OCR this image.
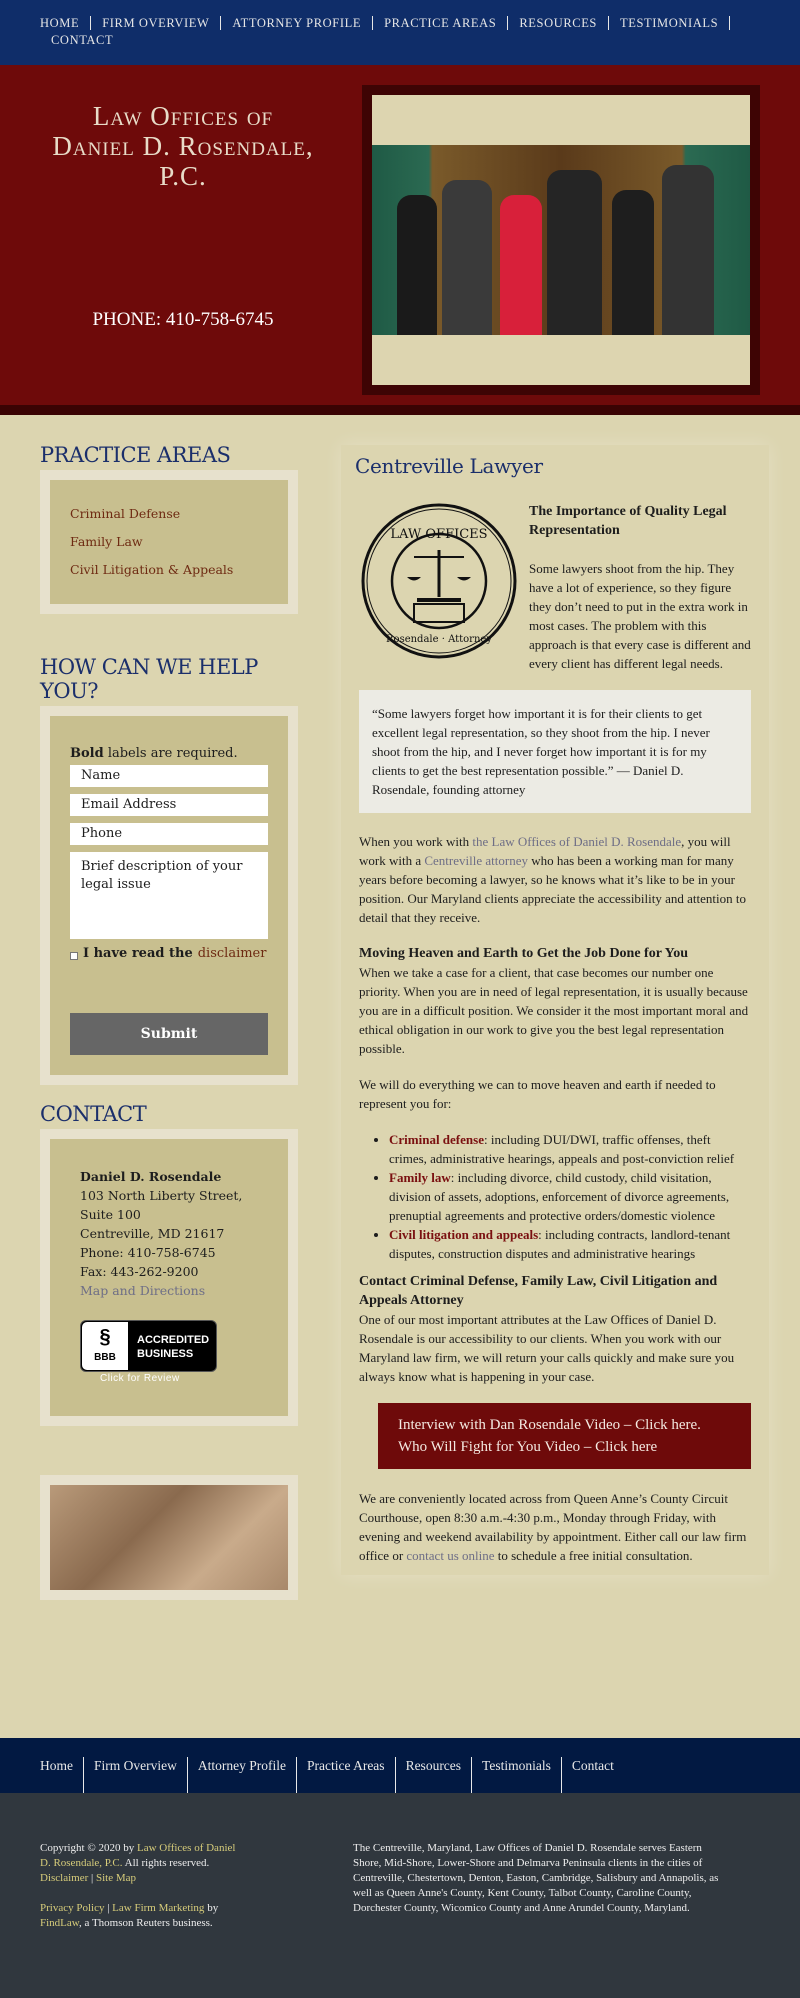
HOME	FIRM OVERVIEW	ATTORNEY PROFILE	PRACTICE AREAS	RESOURCES	TESTIMONIALS
CONTACT
Law Offices of
Daniel D. Rosendale,
P.C.
PHONE: 410-758-6745
PRACTICE AREAS
Criminal Defense
Family Law
Civil Litigation & Appeals
HOW CAN WE HELP YOU?
Bold labels are required.
Name
Email Address
Phone
Brief description of your legal issue
I have read the disclaimer
Submit
CONTACT
Daniel D. Rosendale
103 North Liberty Street, Suite 100
Centreville, MD 21617
Phone: 410-758-6745
Fax: 443-262-9200
Map and Directions
§
BBB
ACCREDITED
BUSINESS
Click for Review
Centreville Lawyer
LAW OFFICES
Rosendale · Attorney
The Importance of Quality Legal Representation

Some lawyers shoot from the hip. They have a lot of experience, so they figure they don’t need to put in the extra work in most cases. The problem with this approach is that every case is different and every client has different legal needs.

“Some lawyers forget how important it is for their clients to get excellent legal representation, so they shoot from the hip. I never shoot from the hip, and I never forget how important it is for my clients to get the best representation possible.” — Daniel D. Rosendale, founding attorney

When you work with the Law Offices of Daniel D. Rosendale, you will work with a Centreville attorney who has been a working man for many years before becoming a lawyer, so he knows what it’s like to be in your position. Our Maryland clients appreciate the accessibility and attention to detail that they receive.

Moving Heaven and Earth to Get the Job Done for You

When we take a case for a client, that case becomes our number one priority. When you are in need of legal representation, it is usually because you are in a difficult position. We consider it the most important moral and ethical obligation in our work to give you the best legal representation possible.

We will do everything we can to move heaven and earth if needed to represent you for:

• Criminal defense: including DUI/DWI, traffic offenses, theft crimes, administrative hearings, appeals and post-conviction relief
• Family law: including divorce, child custody, child visitation, division of assets, adoptions, enforcement of divorce agreements, prenuptial agreements and protective orders/domestic violence
• Civil litigation and appeals: including contracts, landlord-tenant disputes, construction disputes and administrative hearings
Contact Criminal Defense, Family Law, Civil Litigation and Appeals Attorney

One of our most important attributes at the Law Offices of Daniel D. Rosendale is our accessibility to our clients. When you work with our Maryland law firm, we will return your calls quickly and make sure you always know what is happening in your case.

Interview with Dan Rosendale Video – Click here.
Who Will Fight for You Video – Click here

We are conveniently located across from Queen Anne’s County Circuit Courthouse, open 8:30 a.m.-4:30 p.m., Monday through Friday, with evening and weekend availability by appointment. Either call our law firm office or contact us online to schedule a free initial consultation.

Home	Firm Overview	Attorney Profile	Practice Areas	Resources	Testimonials	Contact
Copyright © 2020 by Law Offices of Daniel D. Rosendale, P.C. All rights reserved. Disclaimer | Site Map
Privacy Policy | Law Firm Marketing by FindLaw, a Thomson Reuters business.
The Centreville, Maryland, Law Offices of Daniel D. Rosendale serves Eastern Shore, Mid-Shore, Lower-Shore and Delmarva Peninsula clients in the cities of Centreville, Chestertown, Denton, Easton, Cambridge, Salisbury and Annapolis, as well as Queen Anne's County, Kent County, Talbot County, Caroline County, Dorchester County, Wicomico County and Anne Arundel County, Maryland.
